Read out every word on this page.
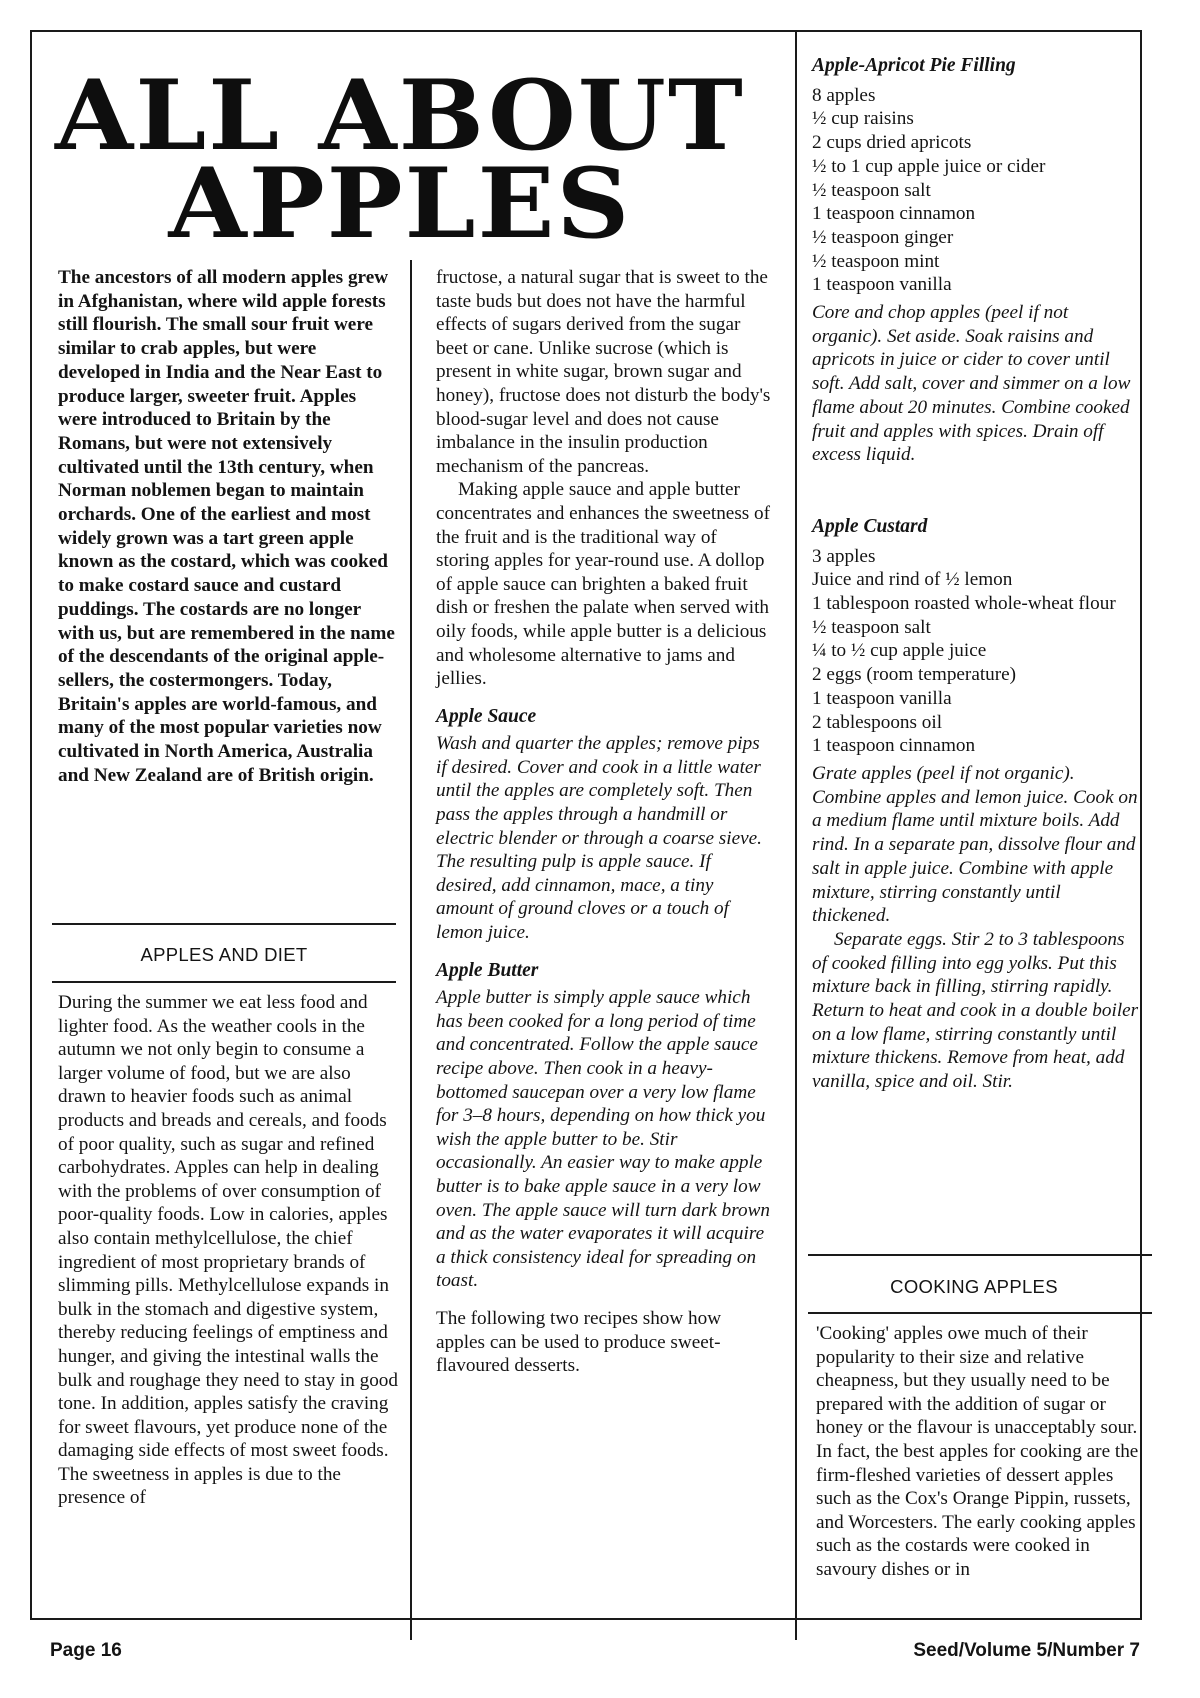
ALL ABOUT
APPLES

The ancestors of all modern apples grew in Afghanistan, where wild apple forests still flourish. The small sour fruit were similar to crab apples, but were developed in India and the Near East to produce larger, sweeter fruit. Apples were introduced to Britain by the Romans, but were not extensively cultivated until the 13th century, when Norman noblemen began to maintain orchards. One of the earliest and most widely grown was a tart green apple known as the costard, which was cooked to make costard sauce and custard puddings. The costards are no longer with us, but are remembered in the name of the descendants of the original apple-sellers, the costermongers. Today, Britain's apples are world-famous, and many of the most popular varieties now cultivated in North America, Australia and New Zealand are of British origin.

APPLES AND DIET

During the summer we eat less food and lighter food. As the weather cools in the autumn we not only begin to consume a larger volume of food, but we are also drawn to heavier foods such as animal products and breads and cereals, and foods of poor quality, such as sugar and refined carbohydrates. Apples can help in dealing with the problems of over consumption of poor-quality foods. Low in calories, apples also contain methylcellulose, the chief ingredient of most proprietary brands of slimming pills. Methylcellulose expands in bulk in the stomach and digestive system, thereby reducing feelings of emptiness and hunger, and giving the intestinal walls the bulk and roughage they need to stay in good tone. In addition, apples satisfy the craving for sweet flavours, yet produce none of the damaging side effects of most sweet foods. The sweetness in apples is due to the presence of

fructose, a natural sugar that is sweet to the taste buds but does not have the harmful effects of sugars derived from the sugar beet or cane. Unlike sucrose (which is present in white sugar, brown sugar and honey), fructose does not disturb the body's blood-sugar level and does not cause imbalance in the insulin production mechanism of the pancreas.

Making apple sauce and apple butter concentrates and enhances the sweetness of the fruit and is the traditional way of storing apples for year-round use. A dollop of apple sauce can brighten a baked fruit dish or freshen the palate when served with oily foods, while apple butter is a delicious and wholesome alternative to jams and jellies.

Apple Sauce

Wash and quarter the apples; remove pips if desired. Cover and cook in a little water until the apples are completely soft. Then pass the apples through a handmill or electric blender or through a coarse sieve. The resulting pulp is apple sauce. If desired, add cinnamon, mace, a tiny amount of ground cloves or a touch of lemon juice.

Apple Butter

Apple butter is simply apple sauce which has been cooked for a long period of time and concentrated. Follow the apple sauce recipe above. Then cook in a heavy-bottomed saucepan over a very low flame for 3–8 hours, depending on how thick you wish the apple butter to be. Stir occasionally. An easier way to make apple butter is to bake apple sauce in a very low oven. The apple sauce will turn dark brown and as the water evaporates it will acquire a thick consistency ideal for spreading on toast.

The following two recipes show how apples can be used to produce sweet-flavoured desserts.

Apple-Apricot Pie Filling

8 apples
½ cup raisins
2 cups dried apricots
½ to 1 cup apple juice or cider
½ teaspoon salt
1 teaspoon cinnamon
½ teaspoon ginger
½ teaspoon mint
1 teaspoon vanilla

Core and chop apples (peel if not organic). Set aside. Soak raisins and apricots in juice or cider to cover until soft. Add salt, cover and simmer on a low flame about 20 minutes. Combine cooked fruit and apples with spices. Drain off excess liquid.

Apple Custard

3 apples
Juice and rind of ½ lemon
1 tablespoon roasted whole-wheat flour
½ teaspoon salt
¼ to ½ cup apple juice
2 eggs (room temperature)
1 teaspoon vanilla
2 tablespoons oil
1 teaspoon cinnamon

Grate apples (peel if not organic). Combine apples and lemon juice. Cook on a medium flame until mixture boils. Add rind. In a separate pan, dissolve flour and salt in apple juice. Combine with apple mixture, stirring constantly until thickened.

Separate eggs. Stir 2 to 3 tablespoons of cooked filling into egg yolks. Put this mixture back in filling, stirring rapidly. Return to heat and cook in a double boiler on a low flame, stirring constantly until mixture thickens. Remove from heat, add vanilla, spice and oil. Stir.

COOKING APPLES

'Cooking' apples owe much of their popularity to their size and relative cheapness, but they usually need to be prepared with the addition of sugar or honey or the flavour is unacceptably sour. In fact, the best apples for cooking are the firm-fleshed varieties of dessert apples such as the Cox's Orange Pippin, russets, and Worcesters. The early cooking apples such as the costards were cooked in savoury dishes or in

Page 16	Seed/Volume 5/Number 7
